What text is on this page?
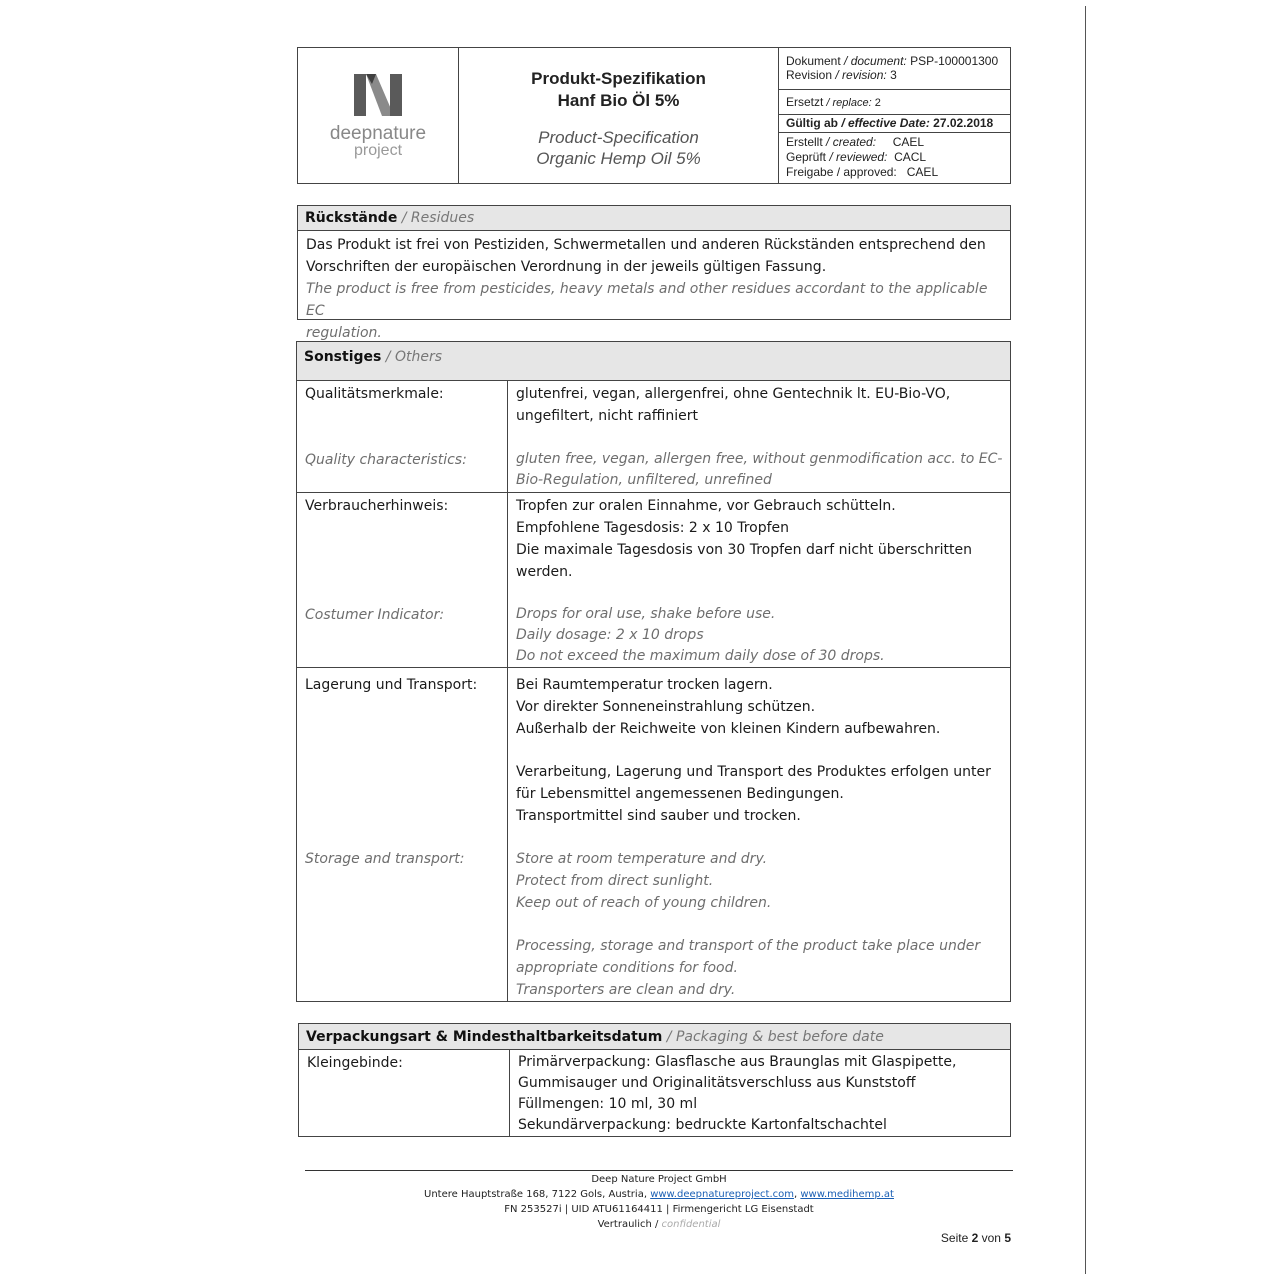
deepnature
project
Produkt-Spezifikation
Hanf Bio Öl 5%
Product-Specification
Organic Hemp Oil 5%
Dokument / document: PSP-100001300
Revision / revision: 3
Ersetzt / replace: 2
Gültig ab / effective Date: 27.02.2018
Erstellt / created:     CAEL
Geprüft / reviewed:  CACL
Freigabe / approved:   CAEL
Rückstände / Residues
Das Produkt ist frei von Pestiziden, Schwermetallen und anderen Rückständen entsprechend den
Vorschriften der europäischen Verordnung in der jeweils gültigen Fassung.
The product is free from pesticides, heavy metals and other residues accordant to the applicable EC
regulation.
Sonstiges / Others
Qualitätsmerkmale:
Quality characteristics:
glutenfrei, vegan, allergenfrei, ohne Gentechnik lt. EU-Bio-VO,
ungefiltert, nicht raffiniert
gluten free, vegan, allergen free, without genmodification acc. to EC-
Bio-Regulation, unfiltered, unrefined
Verbraucherhinweis:
Costumer Indicator:
Tropfen zur oralen Einnahme, vor Gebrauch schütteln.
Empfohlene Tagesdosis: 2 x 10 Tropfen
Die maximale Tagesdosis von 30 Tropfen darf nicht überschritten
werden.
Drops for oral use, shake before use.
Daily dosage: 2 x 10 drops
Do not exceed the maximum daily dose of 30 drops.
Lagerung und Transport:
Storage and transport:
Bei Raumtemperatur trocken lagern.
Vor direkter Sonneneinstrahlung schützen.
Außerhalb der Reichweite von kleinen Kindern aufbewahren.
Verarbeitung, Lagerung und Transport des Produktes erfolgen unter
für Lebensmittel angemessenen Bedingungen.
Transportmittel sind sauber und trocken.
Store at room temperature and dry.
Protect from direct sunlight.
Keep out of reach of young children.
Processing, storage and transport of the product take place under
appropriate conditions for food.
Transporters are clean and dry.
Verpackungsart & Mindesthaltbarkeitsdatum / Packaging & best before date
Kleingebinde:	Primärverpackung: Glasflasche aus Braunglas mit Glaspipette,
Gummisauger und Originalitätsverschluss aus Kunststoff
Füllmengen: 10 ml, 30 ml
Sekundärverpackung: bedruckte Kartonfaltschachtel
Deep Nature Project GmbH
Untere Hauptstraße 168, 7122 Gols, Austria, www.deepnatureproject.com, www.medihemp.at
FN 253527i | UID ATU61164411 | Firmengericht LG Eisenstadt
Vertraulich / confidential
Seite 2 von 5
